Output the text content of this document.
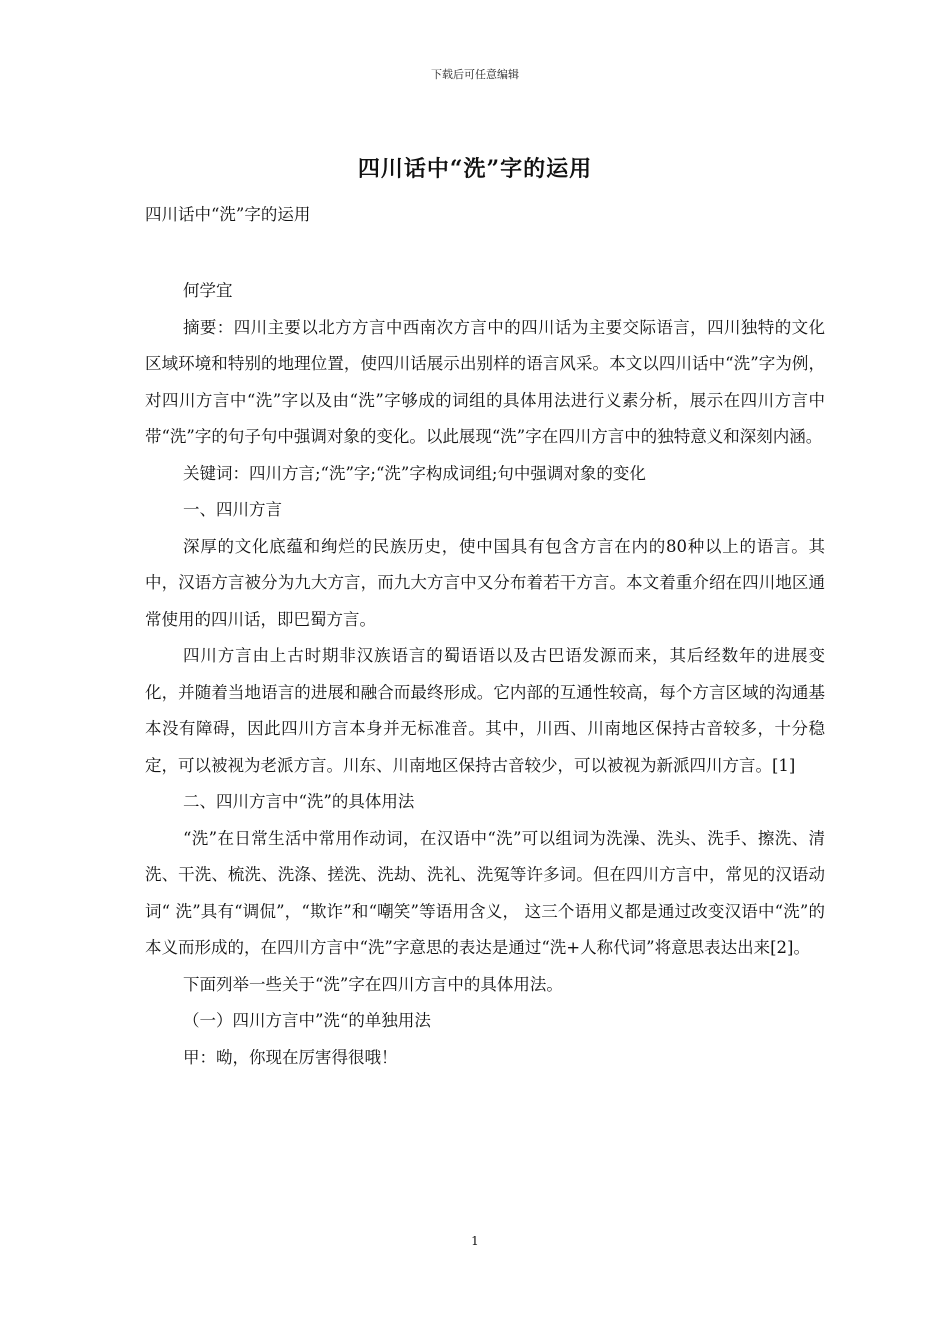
下载后可任意编辑
四川话中“洗”字的运用
四川话中“洗”字的运用

何学宜

摘要：四川主要以北方方言中西南次方言中的四川话为主要交际语言，四川独特的文化区域环境和特别的地理位置，使四川话展示出别样的语言风采。本文以四川话中“洗”字为例，对四川方言中“洗”字以及由“洗”字够成的词组的具体用法进行义素分析，展示在四川方言中带“洗”字的句子句中强调对象的变化。以此展现“洗”字在四川方言中的独特意义和深刻内涵。

关键词：四川方言;“洗”字;“洗”字构成词组;句中强调对象的变化

一、四川方言

深厚的文化底蕴和绚烂的民族历史，使中国具有包含方言在内的80种以上的语言。其中，汉语方言被分为九大方言，而九大方言中又分布着若干方言。本文着重介绍在四川地区通常使用的四川话，即巴蜀方言。

四川方言由上古时期非汉族语言的蜀语语以及古巴语发源而来，其后经数年的进展变化，并随着当地语言的进展和融合而最终形成。它内部的互通性较高，每个方言区域的沟通基本没有障碍，因此四川方言本身并无标准音。其中，川西、川南地区保持古音较多，十分稳定，可以被视为老派方言。川东、川南地区保持古音较少，可以被视为新派四川方言。[1]

二、四川方言中“洗”的具体用法

“洗”在日常生活中常用作动词，在汉语中“洗”可以组词为洗澡、洗头、洗手、擦洗、清洗、干洗、梳洗、洗涤、搓洗、洗劫、洗礼、洗冤等许多词。但在四川方言中，常见的汉语动词“ 洗”具有“调侃”，“欺诈”和“嘲笑”等语用含义， 这三个语用义都是通过改变汉语中“洗”的本义而形成的，在四川方言中“洗”字意思的表达是通过“洗+人称代词”将意思表达出来[2]。

下面列举一些关于“洗”字在四川方言中的具体用法。

（一）四川方言中”洗“的单独用法

甲：呦，你现在厉害得很哦！

1
